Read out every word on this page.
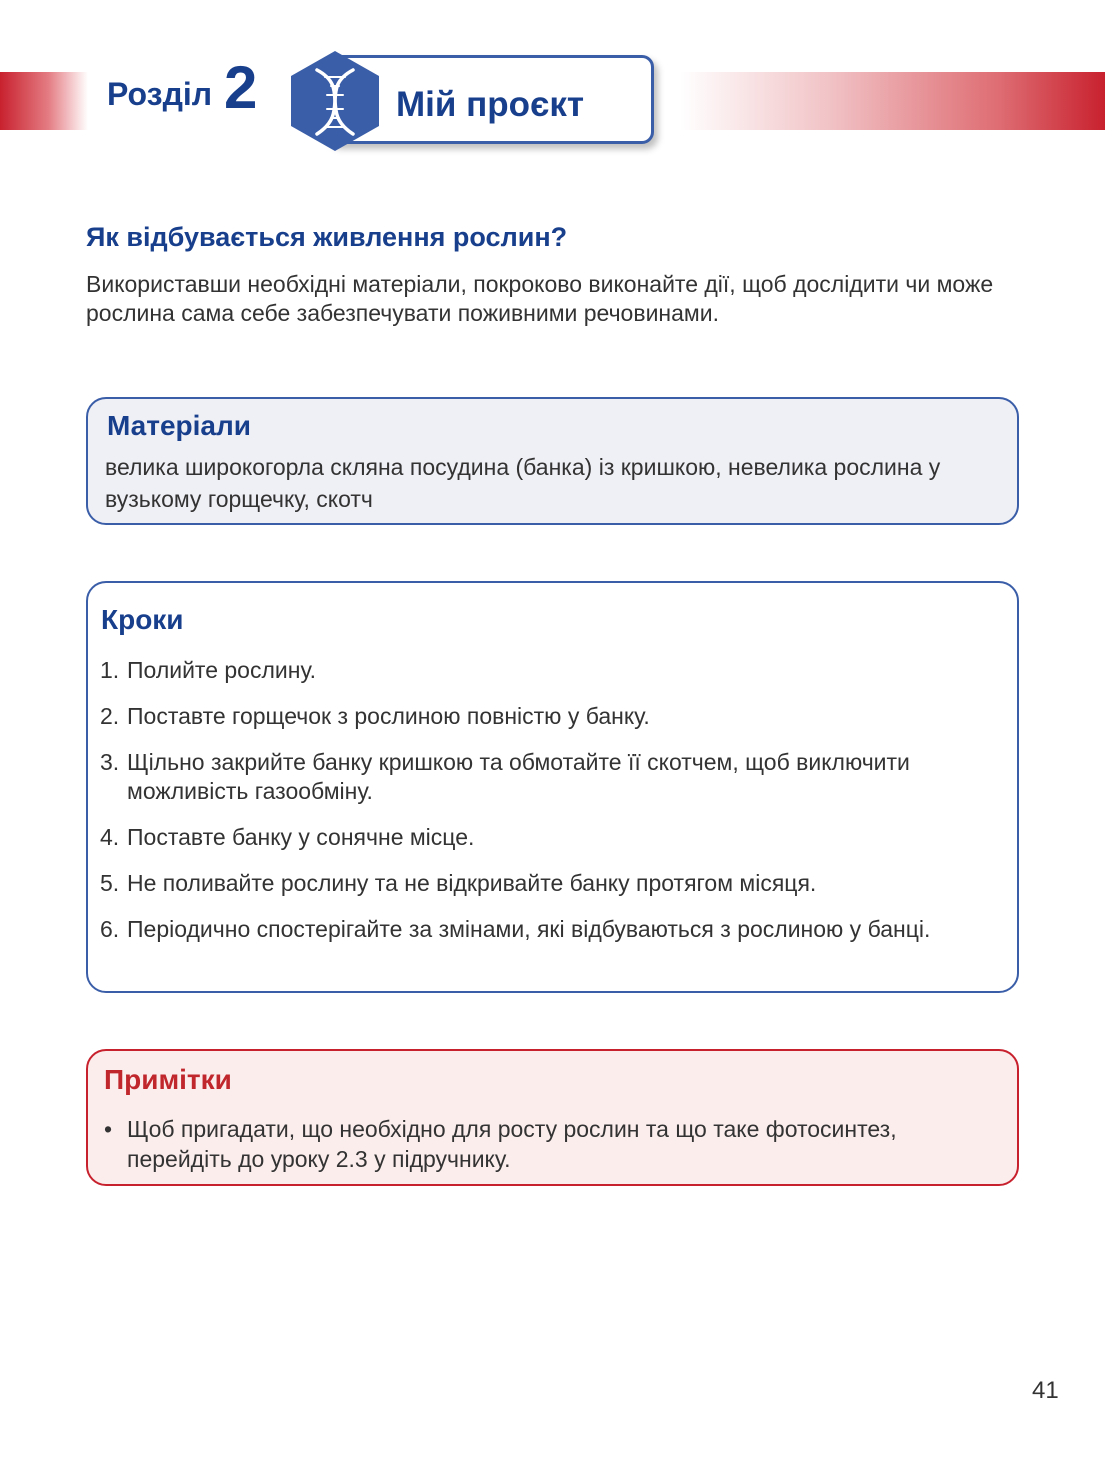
Розділ 2	Мій проєкт
Як відбувається живлення рослин?
Використавши необхідні матеріали, покроково виконайте дії, щоб дослідити чи може рослина сама себе забезпечувати поживними речовинами.
Матеріали
велика широкогорла скляна посудина (банка) із кришкою, невелика рослина у вузькому горщечку, скотч
Кроки
1. Полийте рослину.
2. Поставте горщечок з рослиною повністю у банку.
3. Щільно закрийте банку кришкою та обмотайте її скотчем, щоб виключити можливість газообміну.
4. Поставте банку у сонячне місце.
5. Не поливайте рослину та не відкривайте банку протягом місяця.
6. Періодично спостерігайте за змінами, які відбуваються з рослиною у банці.
Примітки
• Щоб пригадати, що необхідно для росту рослин та що таке фотосинтез, перейдіть до уроку 2.3 у підручнику.
41
